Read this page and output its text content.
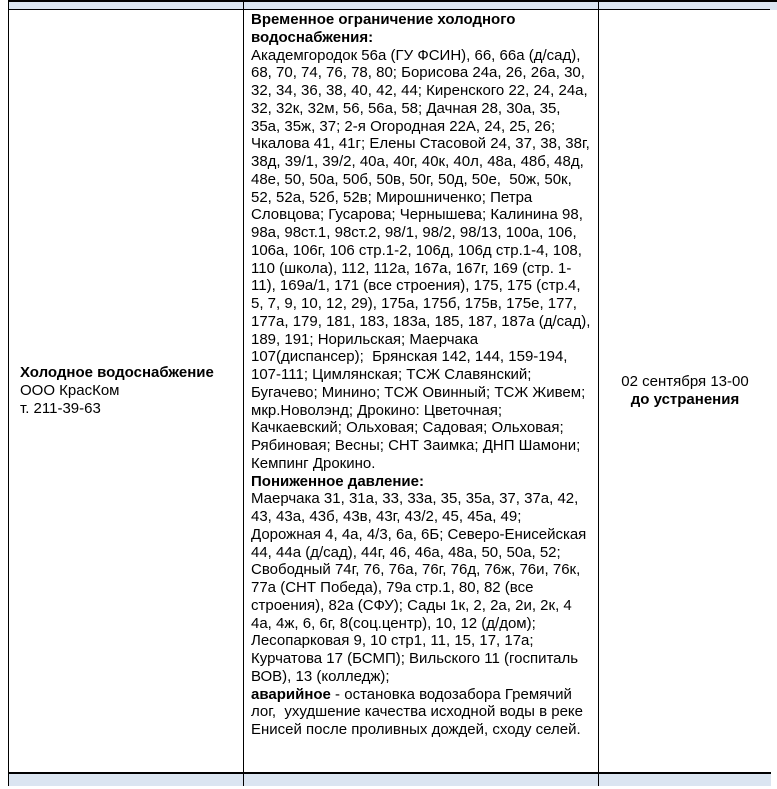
Холодное водоснабжение
ООО КрасКом
т. 211-39-63

Временное ограничение холодного водоснабжения:
Академгородок 56а (ГУ ФСИН), 66, 66а (д/сад), 68, 70, 74, 76, 78, 80; Борисова 24а, 26, 26а, 30, 32, 34, 36, 38, 40, 42, 44; Киренского 22, 24, 24а, 32, 32к, 32м, 56, 56а, 58; Дачная 28, 30а, 35, 35а, 35ж, 37; 2-я Огородная 22А, 24, 25, 26; Чкалова 41, 41г; Елены Стасовой 24, 37, 38, 38г, 38д, 39/1, 39/2, 40а, 40г, 40к, 40л, 48а, 48б, 48д, 48е, 50, 50а, 50б, 50в, 50г, 50д, 50е,  50ж, 50к, 52, 52а, 52б, 52в; Мирошниченко; Петра Словцова; Гусарова; Чернышева; Калинина 98, 98а, 98ст.1, 98ст.2, 98/1, 98/2, 98/13, 100а, 106, 106а, 106г, 106 стр.1-2, 106д, 106д стр.1-4, 108, 110 (школа), 112, 112а, 167а, 167г, 169 (стр. 1-11), 169а/1, 171 (все строения), 175, 175 (стр.4, 5, 7, 9, 10, 12, 29), 175а, 175б, 175в, 175е, 177, 177а, 179, 181, 183, 183а, 185, 187, 187а (д/сад), 189, 191; Норильская; Маерчака 107(диспансер);  Брянская 142, 144, 159-194, 107-111; Цимлянская; ТСЖ Славянский; Бугачево; Минино; ТСЖ Овинный; ТСЖ Живем; мкр.Новолэнд; Дрокино: Цветочная; Качкаевский; Ольховая; Садовая; Ольховая; Рябиновая; Весны; СНТ Заимка; ДНП Шамони; Кемпинг Дрокино.
Пониженное давление:
Маерчака 31, 31а, 33, 33а, 35, 35а, 37, 37а, 42, 43, 43а, 43б, 43в, 43г, 43/2, 45, 45а, 49; Дорожная 4, 4а, 4/3, 6а, 6Б; Северо-Енисейская 44, 44а (д/сад), 44г, 46, 46а, 48а, 50, 50а, 52; Свободный 74г, 76, 76а, 76г, 76д, 76ж, 76и, 76к, 77а (СНТ Победа), 79а стр.1, 80, 82 (все строения), 82а (СФУ); Сады 1к, 2, 2а, 2и, 2к, 4 4а, 4ж, 6, 6г, 8(соц.центр), 10, 12 (д/дом); Лесопарковая 9, 10 стр1, 11, 15, 17, 17а; Курчатова 17 (БСМП); Вильского 11 (госпиталь ВОВ), 13 (колледж);
аварийное - остановка водозабора Гремячий лог,  ухудшение качества исходной воды в реке Енисей после проливных дождей, сходу селей.

02 сентября 13-00
до устранения
